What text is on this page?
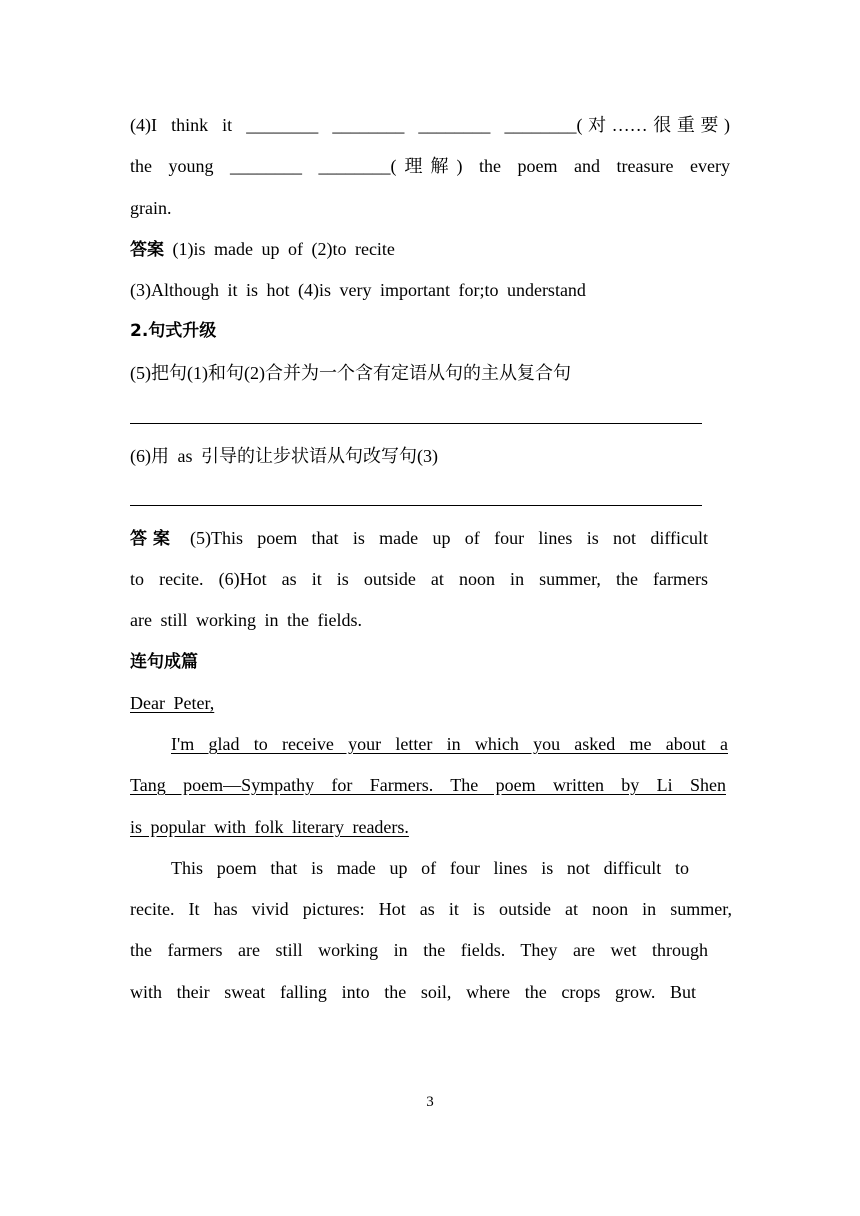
(4)I think it ________ ________ ________ ________(对……很重要)
the young ________ ________(理解) the poem and treasure every
grain.
答案 (1)is made up of (2)to recite
(3)Although it is hot (4)is very important for;to understand
2.句式升级
(5)把句(1)和句(2)合并为一个含有定语从句的主从复合句
(6)用 as 引导的让步状语从句改写句(3)
答案 (5)This poem that is made up of four lines is not difficult
to recite. (6)Hot as it is outside at noon in summer, the farmers
are still working in the fields.
连句成篇
Dear Peter,
I'm glad to receive your letter in which you asked me about a
Tang poem—Sympathy for Farmers. The poem written by Li Shen
is popular with folk literary readers.
This poem that is made up of four lines is not difficult to
recite. It has vivid pictures: Hot as it is outside at noon in summer,
the farmers are still working in the fields. They are wet through
with their sweat falling into the soil, where the crops grow. But
3
